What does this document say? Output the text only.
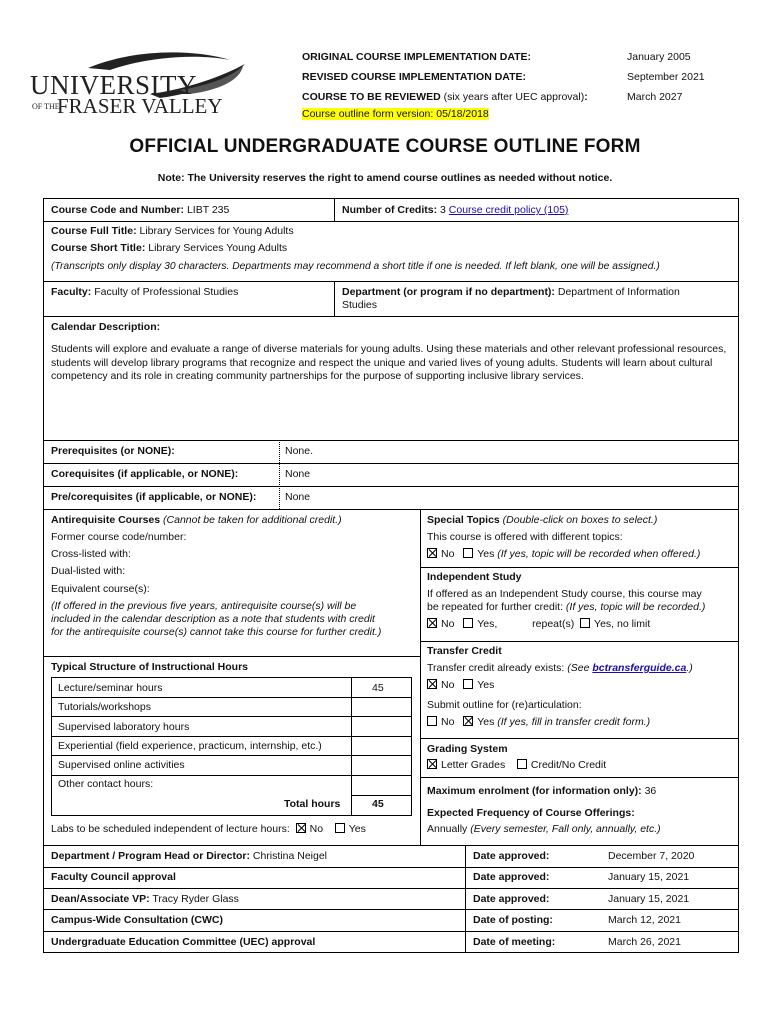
UNIVERSITY
OF THE
FRASER VALLEY
ORIGINAL COURSE IMPLEMENTATION DATE:	January 2005
REVISED COURSE IMPLEMENTATION DATE:	September 2021
COURSE TO BE REVIEWED (six years after UEC approval):	March 2027
Course outline form version: 05/18/2018
OFFICIAL UNDERGRADUATE COURSE OUTLINE FORM
Note: The University reserves the right to amend course outlines as needed without notice.
Course Code and Number: LIBT 235	Number of Credits: 3 Course credit policy (105)
Course Full Title: Library Services for Young Adults
Course Short Title: Library Services Young Adults
(Transcripts only display 30 characters. Departments may recommend a short title if one is needed. If left blank, one will be assigned.)
Faculty: Faculty of Professional Studies	Department (or program if no department): Department of Information
Studies
Calendar Description:
Students will explore and evaluate a range of diverse materials for young adults. Using these materials and other relevant professional resources, students will develop library programs that recognize and respect the unique and varied lives of young adults. Students will learn about cultural competency and its role in creating community partnerships for the purpose of supporting inclusive library services.
Prerequisites (or NONE):	None.
Corequisites (if applicable, or NONE):	None
Pre/corequisites (if applicable, or NONE):	None
Antirequisite Courses (Cannot be taken for additional credit.)
Former course code/number:
Cross-listed with:
Dual-listed with:
Equivalent course(s):
(If offered in the previous five years, antirequisite course(s) will be
included in the calendar description as a note that students with credit
for the antirequisite course(s) cannot take this course for further credit.)
Special Topics (Double-click on boxes to select.)
This course is offered with different topics:
No Yes (If yes, topic will be recorded when offered.)
Independent Study
If offered as an Independent Study course, this course may
be repeated for further credit: (If yes, topic will be recorded.)
No Yes,	repeat(s) Yes, no limit
Transfer Credit
Transfer credit already exists: (See bctransferguide.ca.)
No Yes
Submit outline for (re)articulation:
No Yes (If yes, fill in transfer credit form.)
Grading System
Letter Grades Credit/No Credit
Maximum enrolment (for information only): 36
Expected Frequency of Course Offerings:
Annually (Every semester, Fall only, annually, etc.)
Typical Structure of Instructional Hours
Lecture/seminar hours	45
Tutorials/workshops
Supervised laboratory hours
Experiential (field experience, practicum, internship, etc.)
Supervised online activities
Other contact hours:
Total hours	45
Labs to be scheduled independent of lecture hours: No Yes
Department / Program Head or Director: Christina Neigel	Date approved:	December 7, 2020
Faculty Council approval	Date approved:	January 15, 2021
Dean/Associate VP: Tracy Ryder Glass	Date approved:	January 15, 2021
Campus-Wide Consultation (CWC)	Date of posting:	March 12, 2021
Undergraduate Education Committee (UEC) approval	Date of meeting:	March 26, 2021
